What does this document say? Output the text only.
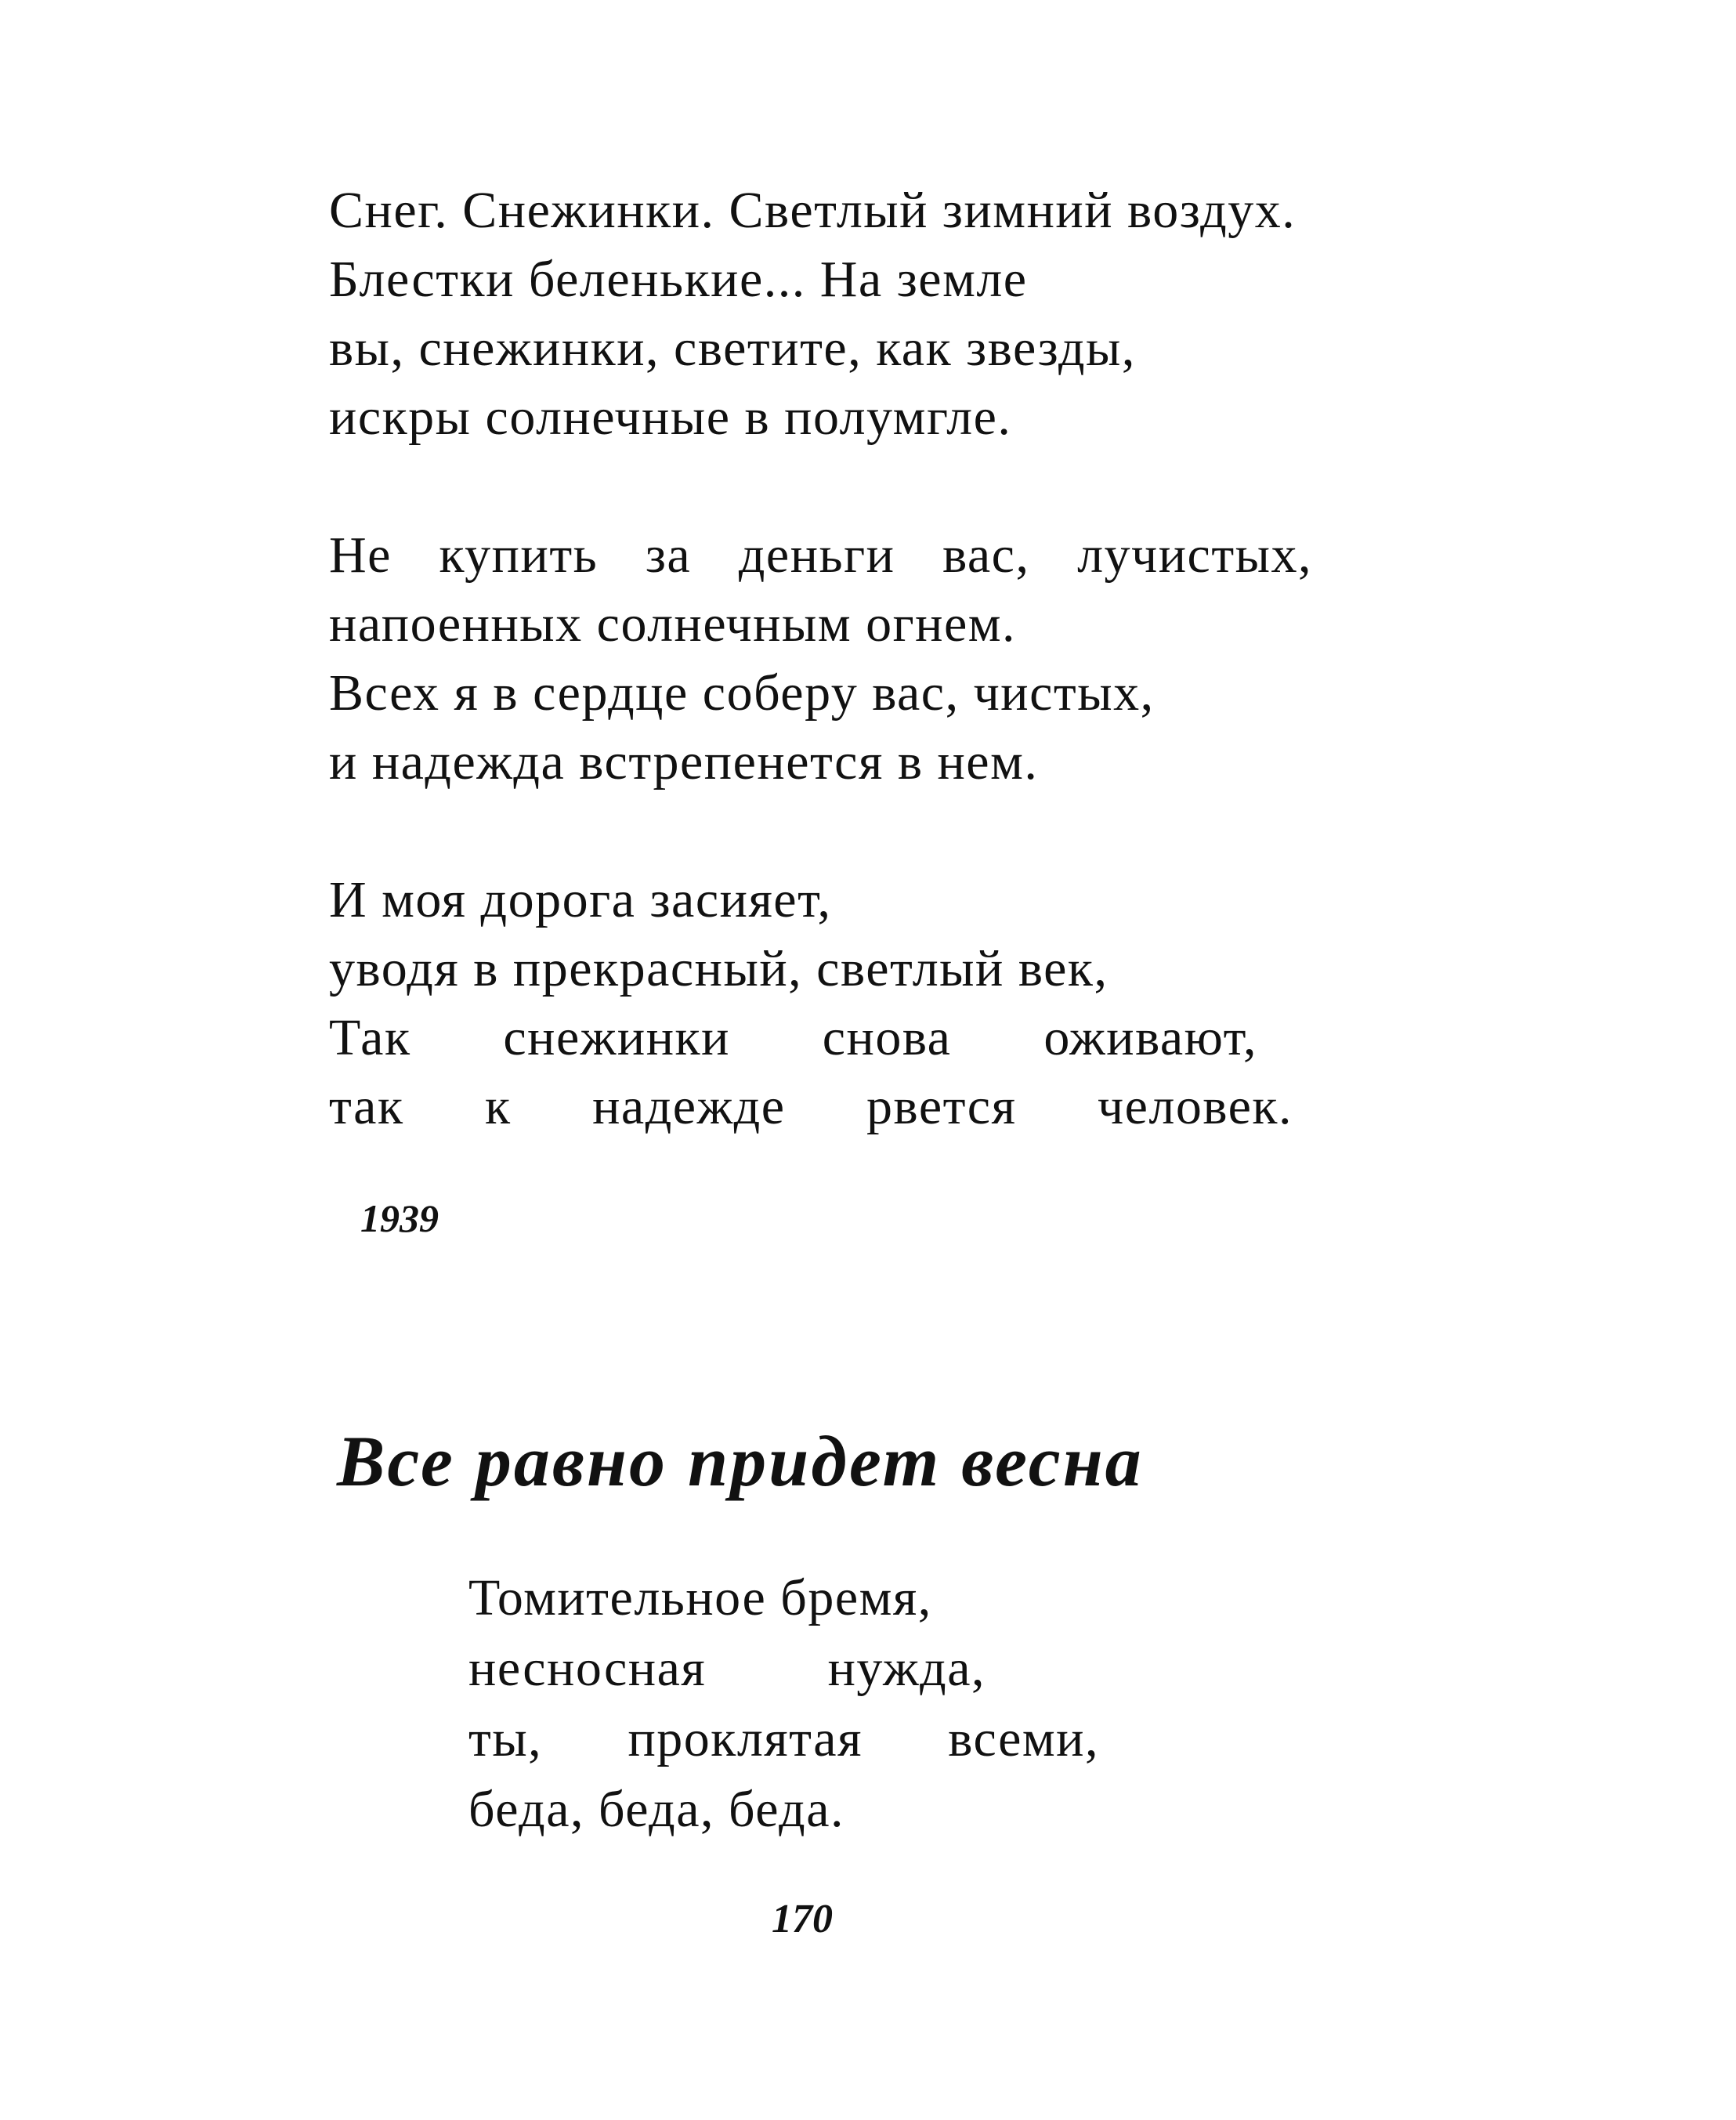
Снег. Снежинки. Светлый зимний воздух.
Блестки беленькие... На земле
вы, снежинки, светите, как звезды,
искры солнечные в полумгле.
Не купить за деньги вас, лучистых,
напоенных солнечным огнем.
Всех я в сердце соберу вас, чистых,
и надежда встрепенется в нем.
И моя дорога засияет,
уводя в прекрасный, светлый век,
Так снежинки снова оживают,
так к надежде рвется человек.
1939
Все равно придет весна
Томительное бремя,
несносная нужда,
ты, проклятая всеми,
беда, беда, беда.
170
